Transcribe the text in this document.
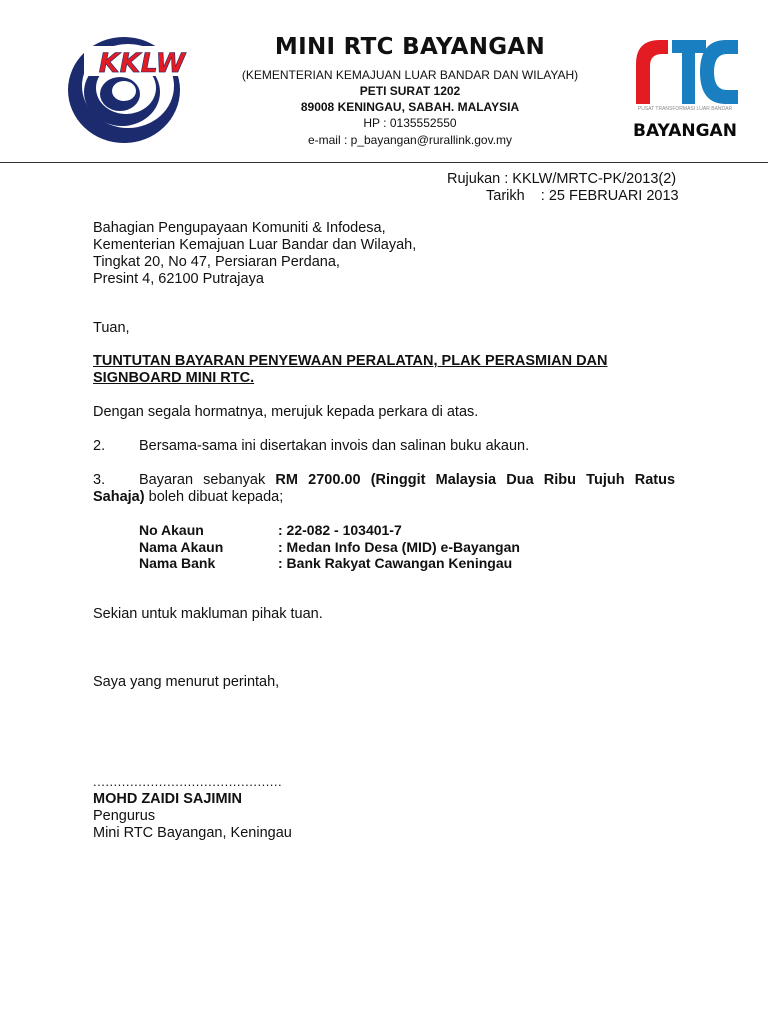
KKLW
PUSAT TRANSFORMASI LUAR BANDAR
BAYANGAN
MINI RTC BAYANGAN
(KEMENTERIAN KEMAJUAN LUAR BANDAR DAN WILAYAH)
PETI SURAT 1202
89008 KENINGAU, SABAH. MALAYSIA
HP : 0135552550
e-mail : p_bayangan@rurallink.gov.my
Rujukan : KKLW/MRTC-PK/2013(2)
Tarikh    : 25 FEBRUARI 2013
Bahagian Pengupayaan Komuniti & Infodesa,
Kementerian Kemajuan Luar Bandar dan Wilayah,
Tingkat 20, No 47, Persiaran Perdana,
Presint 4, 62100 Putrajaya
Tuan,
TUNTUTAN BAYARAN PENYEWAAN PERALATAN, PLAK PERASMIAN DAN
SIGNBOARD MINI RTC.
Dengan segala hormatnya, merujuk kepada perkara di atas.
2. Bersama-sama ini disertakan invois dan salinan buku akaun.
3. Bayaran sebanyak RM 2700.00 (Ringgit Malaysia Dua Ribu Tujuh Ratus
Sahaja) boleh dibuat kepada;
No Akaun	: 22-082 - 103401-7
Nama Akaun	: Medan Info Desa (MID) e-Bayangan
Nama Bank	: Bank Rakyat Cawangan Keningau
Sekian untuk makluman pihak tuan.
Saya yang menurut perintah,
..............................................
MOHD ZAIDI SAJIMIN
Pengurus
Mini RTC Bayangan, Keningau
